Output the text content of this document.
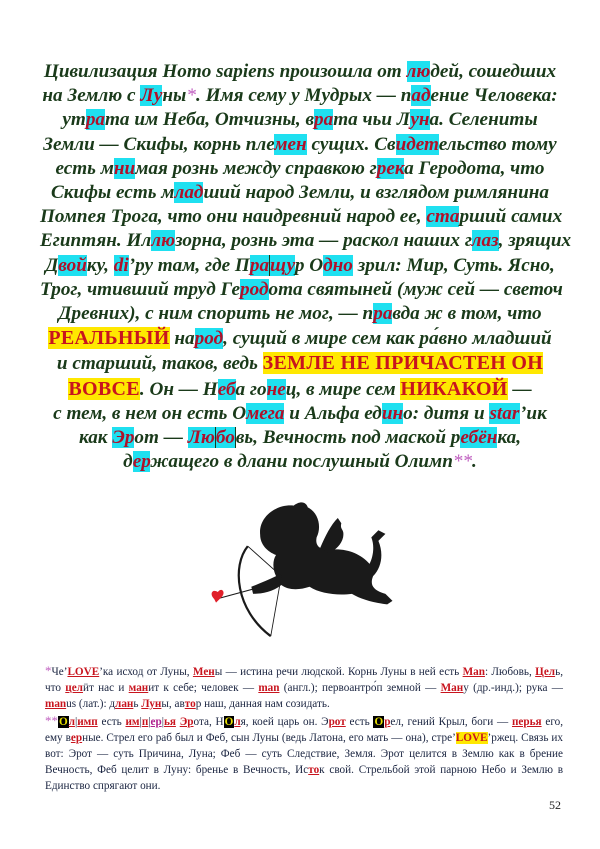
Цивилизация Homo sapiens произошла от людей, сошедших
на Землю с Луны*. Имя сему у Мудрых — падение Человека:
утрата им Неба, Отчизны, врата чьи Луна. Селениты
Земли — Скифы, корнь племен сущих. Свидетельство тому
есть мнимая рознь между справкою грека Геродота, что
Скифы есть младший народ Земли, и взглядом римлянина
Помпея Трога, что они наидревний народ ее, старший самих
Египтян. Иллюзорна, рознь эта — раскол наших глаз, зрящих
Двойку, di’ру там, где Пращур Одно зрил: Мир, Суть. Ясно,
Трог, чтивший труд Геродота святыней (муж сей — светоч
Древних), с ним спорить не мог, — правда ж в том, что
РЕАЛЬНЫЙ народ, сущий в мире сем как ра́вно младший
и старший, таков, ведь ЗЕМЛЕ НЕ ПРИЧАСТЕН ОН
ВОВСЕ. Он — Неба гонец, в мире сем НИКАКОЙ —
с тем, в нем он есть Омега и Альфа едино: дитя и star’ик
как Эрот — Любовь, Вечность под маской ребёнка,
держащего в длани послушный Олимп**.

*Че’LOVE’ка исход от Луны, Мены — истина речи людской. Корнь Луны в ней есть Man: Любовь, Цель, что целӥт нас и манит к себе; человек — man (англ.); первоантро́п земной — Ману (др.-инд.); рука — manus (лат.): длань Луны, автор наш, данная нам созидать.

**Ол|имп есть им|п|ер|ья Эрота, НОля, коей царь он. Эрот есть Орел, гений Крыл, боги — перья его, ему верные. Стрел его раб был и Феб, сын Луны (ведь Латона, его мать — она), стре’LOVE’ржец. Связь их вот: Эрот — суть Причина, Луна; Феб — суть Следствие, Земля. Эрот целится в Землю как в брение Вечность, Феб целит в Луну: бренье в Вечность, Исток свой. Стрельбой этой парною Небо и Землю в Единство спрягают они.

52
